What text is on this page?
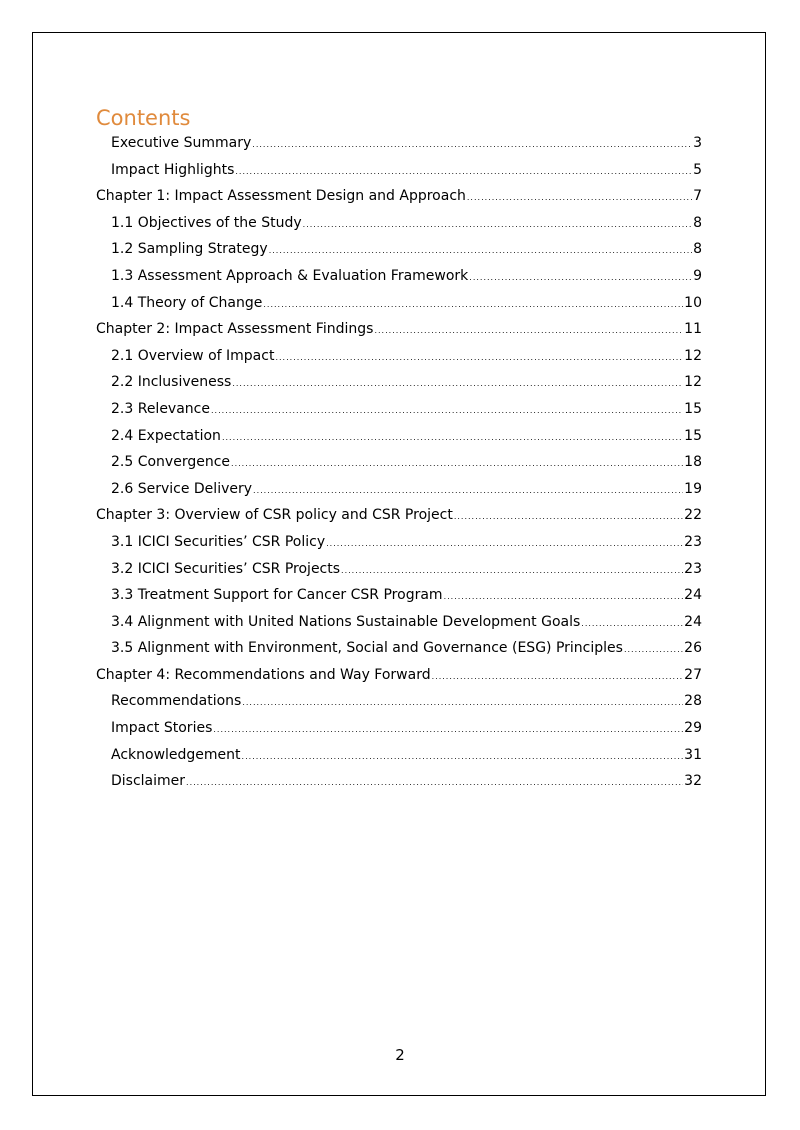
Contents
Executive Summary .....	3
Impact Highlights .....	5
Chapter 1: Impact Assessment Design and Approach .....	7
1.1 Objectives of the Study .....	8
1.2 Sampling Strategy .....	8
1.3 Assessment Approach & Evaluation Framework .....	9
1.4 Theory of Change .....	10
Chapter 2: Impact Assessment Findings .....	11
2.1 Overview of Impact .....	12
2.2 Inclusiveness .....	12
2.3 Relevance .....	15
2.4 Expectation .....	15
2.5 Convergence .....	18
2.6 Service Delivery .....	19
Chapter 3: Overview of CSR policy and CSR Project .....	22
3.1 ICICI Securities’ CSR Policy .....	23
3.2 ICICI Securities’ CSR Projects .....	23
3.3 Treatment Support for Cancer CSR Program .....	24
3.4 Alignment with United Nations Sustainable Development Goals .....	24
3.5 Alignment with Environment, Social and Governance (ESG) Principles .....	26
Chapter 4: Recommendations and Way Forward .....	27
Recommendations .....	28
Impact Stories .....	29
Acknowledgement .....	31
Disclaimer .....	32
2
